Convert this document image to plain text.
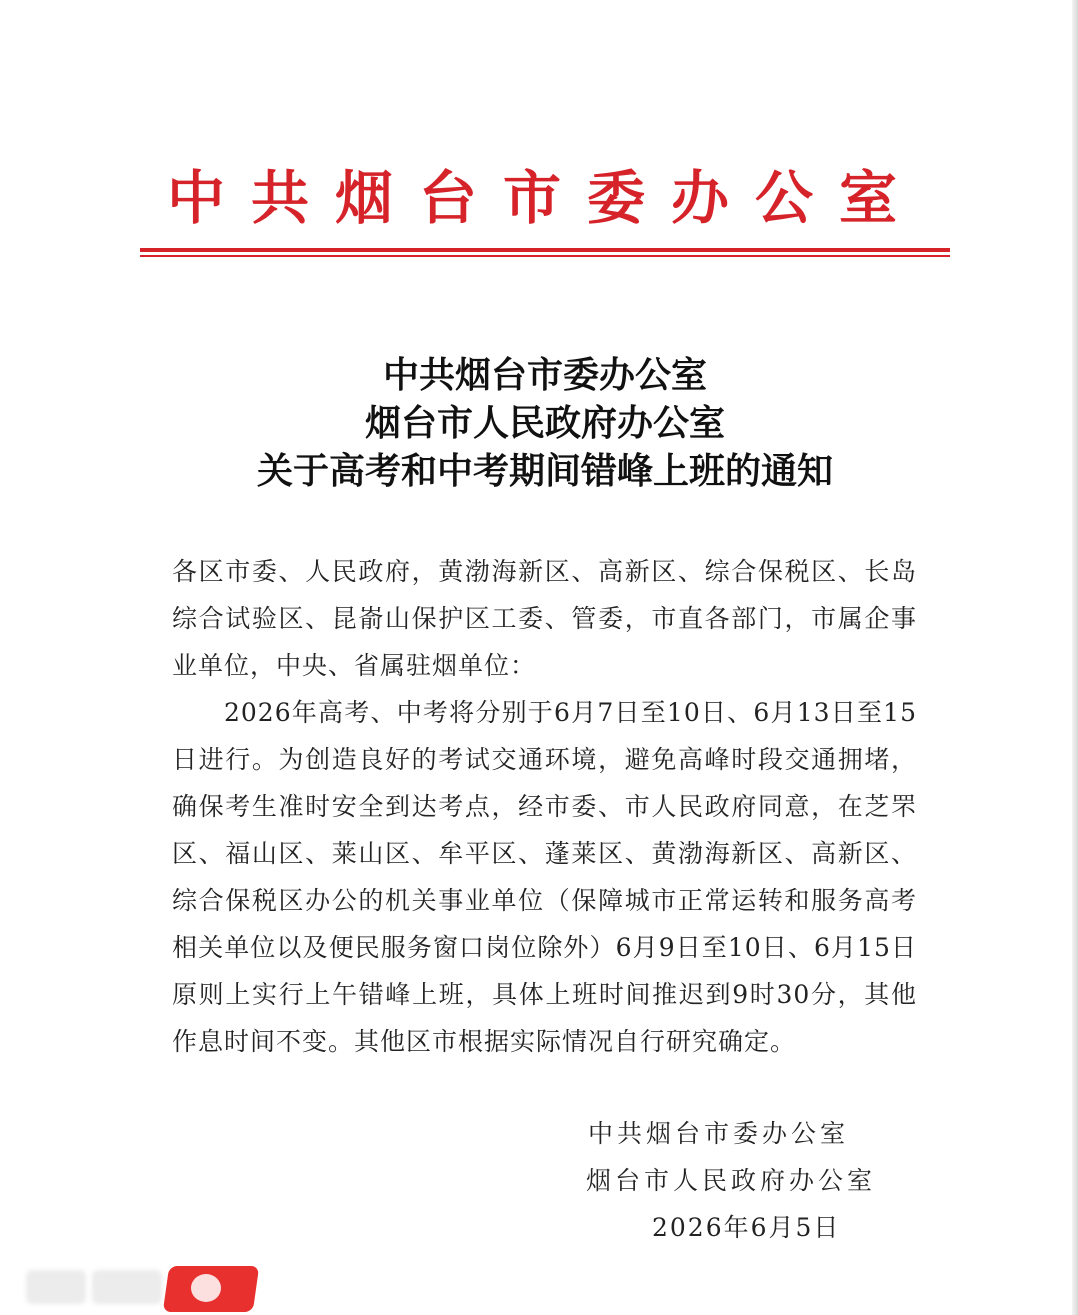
中共烟台市委办公室
中共烟台市委办公室
烟台市人民政府办公室
关于高考和中考期间错峰上班的通知

各区市委、人民政府，黄渤海新区、高新区、综合保税区、长岛综合试验区、昆嵛山保护区工委、管委，市直各部门，市属企事业单位，中央、省属驻烟单位：

2026年高考、中考将分别于6月7日至10日、6月13日至15日进行。为创造良好的考试交通环境，避免高峰时段交通拥堵，确保考生准时安全到达考点，经市委、市人民政府同意，在芝罘区、福山区、莱山区、牟平区、蓬莱区、黄渤海新区、高新区、综合保税区办公的机关事业单位（保障城市正常运转和服务高考相关单位以及便民服务窗口岗位除外）6月9日至10日、6月15日原则上实行上午错峰上班，具体上班时间推迟到9时30分，其他作息时间不变。其他区市根据实际情况自行研究确定。

中共烟台市委办公室
烟台市人民政府办公室
2026年6月5日
